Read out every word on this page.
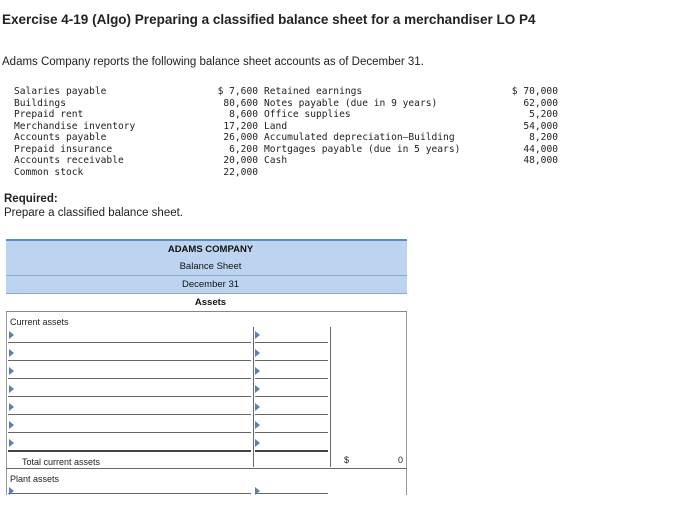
Exercise 4-19 (Algo) Preparing a classified balance sheet for a merchandiser LO P4
Adams Company reports the following balance sheet accounts as of December 31.
Salaries payable
Buildings
Prepaid rent
Merchandise inventory
Accounts payable
Prepaid insurance
Accounts receivable
Common stock
$ 7,600
80,600
8,600
17,200
26,000
6,200
20,000
22,000
Retained earnings
Notes payable (due in 9 years)
Office supplies
Land
Accumulated depreciation–Building
Mortgages payable (due in 5 years)
Cash
$ 70,000
62,000
5,200
54,000
8,200
44,000
48,000
Required:
Prepare a classified balance sheet.
ADAMS COMPANY
Balance Sheet
December 31
Assets
Current assets
Total current assets	$	0
Plant assets
